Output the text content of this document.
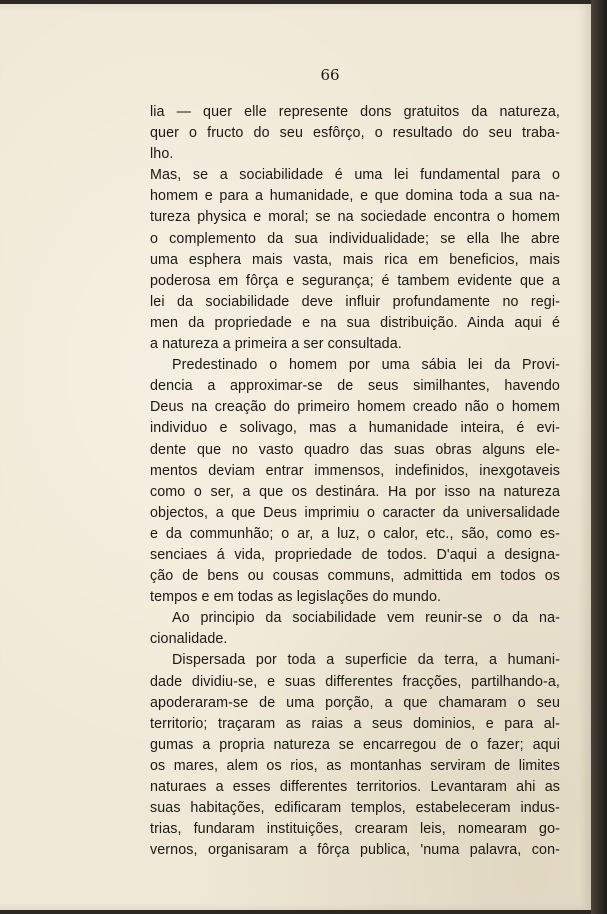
66
lia — quer elle represente dons gratuitos da natureza,
quer o fructo do seu esfôrço, o resultado do seu traba-
lho.
Mas, se a sociabilidade é uma lei fundamental para o
homem e para a humanidade, e que domina toda a sua na-
tureza physica e moral; se na sociedade encontra o homem
o complemento da sua individualidade; se ella lhe abre
uma esphera mais vasta, mais rica em beneficios, mais
poderosa em fôrça e segurança; é tambem evidente que a
lei da sociabilidade deve influir profundamente no regi-
men da propriedade e na sua distribuição. Ainda aqui é
a natureza a primeira a ser consultada.
Predestinado o homem por uma sábia lei da Provi-
dencia a approximar-se de seus similhantes, havendo
Deus na creação do primeiro homem creado não o homem
individuo e solivago, mas a humanidade inteira, é evi-
dente que no vasto quadro das suas obras alguns ele-
mentos deviam entrar immensos, indefinidos, inexgotaveis
como o ser, a que os destinára. Ha por isso na natureza
objectos, a que Deus imprimiu o caracter da universalidade
e da communhão; o ar, a luz, o calor, etc., são, como es-
senciaes á vida, propriedade de todos. D'aqui a designa-
ção de bens ou cousas communs, admittida em todos os
tempos e em todas as legislações do mundo.
Ao principio da sociabilidade vem reunir-se o da na-
cionalidade.
Dispersada por toda a superficie da terra, a humani-
dade dividiu-se, e suas differentes fracções, partilhando-a,
apoderaram-se de uma porção, a que chamaram o seu
territorio; traçaram as raias a seus dominios, e para al-
gumas a propria natureza se encarregou de o fazer; aqui
os mares, alem os rios, as montanhas serviram de limites
naturaes a esses differentes territorios. Levantaram ahi as
suas habitações, edificaram templos, estabeleceram indus-
trias, fundaram instituições, crearam leis, nomearam go-
vernos, organisaram a fôrça publica, 'numa palavra, con-
